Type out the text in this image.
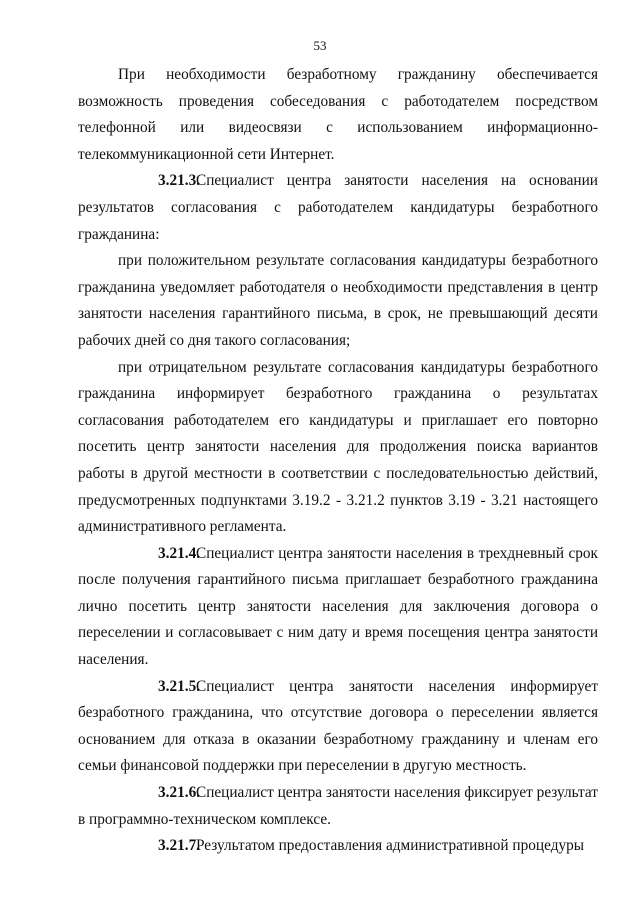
53

При необходимости безработному гражданину обеспечивается возможность проведения собеседования с работодателем посредством телефонной или видеосвязи с использованием информационно-телекоммуникационной сети Интернет.

3.21.3.Специалист центра занятости населения на основании результатов согласования с работодателем кандидатуры безработного гражданина:

при положительном результате согласования кандидатуры безработного гражданина уведомляет работодателя о необходимости представления в центр занятости населения гарантийного письма, в срок, не превышающий десяти рабочих дней со дня такого согласования;

при отрицательном результате согласования кандидатуры безработного гражданина информирует безработного гражданина о результатах согласования работодателем его кандидатуры и приглашает его повторно посетить центр занятости населения для продолжения поиска вариантов работы в другой местности в соответствии с последовательностью действий, предусмотренных подпунктами 3.19.2 - 3.21.2 пунктов 3.19 - 3.21 настоящего административного регламента.

3.21.4.Специалист центра занятости населения в трехдневный срок после получения гарантийного письма приглашает безработного гражданина лично посетить центр занятости населения для заключения договора о переселении и согласовывает с ним дату и время посещения центра занятости населения.

3.21.5.Специалист центра занятости населения информирует безработного гражданина, что отсутствие договора о переселении является основанием для отказа в оказании безработному гражданину и членам его семьи финансовой поддержки при переселении в другую местность.

3.21.6.Специалист центра занятости населения фиксирует результат в программно-техническом комплексе.

3.21.7.Результатом предоставления административной процедуры
